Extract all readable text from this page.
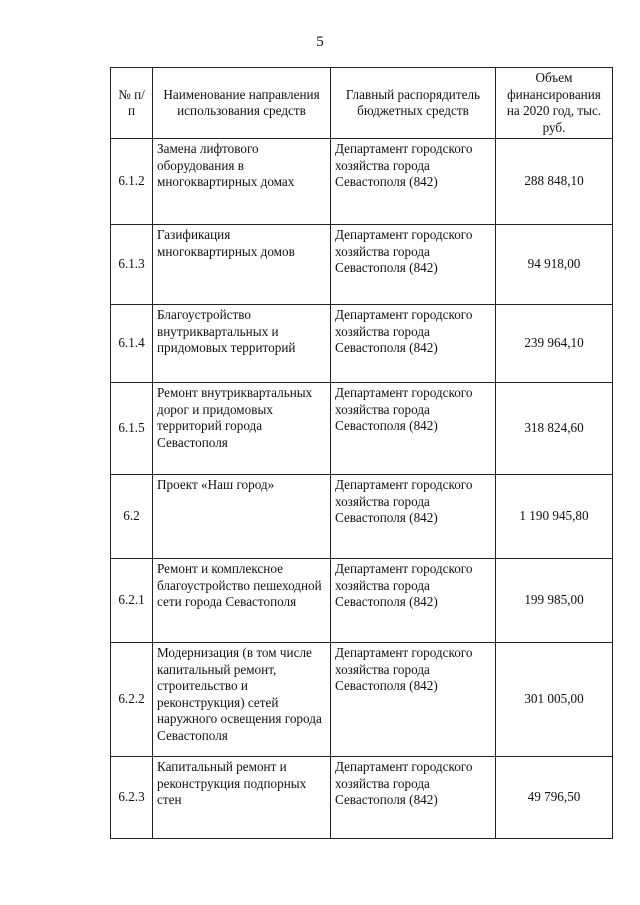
5
№ п/п	Наименование направления использования средств	Главный распорядитель бюджетных средств	Объем финансирования на 2020 год, тыс. руб.
6.1.2	Замена лифтового оборудования в многоквартирных домах	Департамент городского хозяйства города Севастополя (842)	288 848,10
6.1.3	Газификация многоквартирных домов	Департамент городского хозяйства города Севастополя (842)	94 918,00
6.1.4	Благоустройство внутриквартальных и придомовых территорий	Департамент городского хозяйства города Севастополя (842)	239 964,10
6.1.5	Ремонт внутриквартальных дорог и придомовых территорий города Севастополя	Департамент городского хозяйства города Севастополя (842)	318 824,60
6.2	Проект «Наш город»	Департамент городского хозяйства города Севастополя (842)	1 190 945,80
6.2.1	Ремонт и комплексное благоустройство пешеходной сети города Севастополя	Департамент городского хозяйства города Севастополя (842)	199 985,00
6.2.2	Модернизация (в том числе капитальный ремонт, строительство и реконструкция) сетей наружного освещения города Севастополя	Департамент городского хозяйства города Севастополя (842)	301 005,00
6.2.3	Капитальный ремонт и реконструкция подпорных стен	Департамент городского хозяйства города Севастополя (842)	49 796,50
